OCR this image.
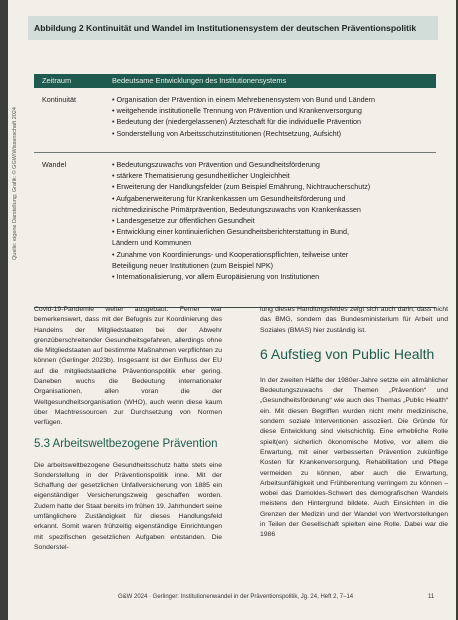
Abbildung 2 Kontinuität und Wandel im Institutionensystem der deutschen Präventionspolitik
Quelle: eigene Darstellung; Grafik: © GGW/Wissenschaft 2024
Zeitraum	Bedeutsame Entwicklungen des Institutionensystems
Kontinuität	• Organisation der Prävention in einem Mehrebenensystem von Bund und Ländern
• weitgehende institutionelle Trennung von Prävention und Krankenversorgung
• Bedeutung der (niedergelassenen) Ärzteschaft für die individuelle Prävention
• Sonderstellung von Arbeitsschutzinstitutionen (Rechtsetzung, Aufsicht)
Wandel	• Bedeutungszuwachs von Prävention und Gesundheitsförderung
• stärkere Thematisierung gesundheitlicher Ungleichheit
• Erweiterung der Handlungsfelder (zum Beispiel Ernährung, Nichtraucherschutz)
• Aufgabenerweiterung für Krankenkassen um Gesundheitsförderung und
nichtmedizinische Primärprävention, Bedeutungszuwachs von Krankenkassen
• Landesgesetze zur öffentlichen Gesundheit
• Entwicklung einer kontinuierlichen Gesundheitsberichterstattung in Bund,
Ländern und Kommunen
• Zunahme von Koordinierungs- und Kooperationspflichten, teilweise unter
Beteiligung neuer Institutionen (zum Beispiel NPK)
• Internationalisierung, vor allem Europäisierung von Institutionen

Covid-19-Pandemie weiter ausgebaut. Ferner war bemerkenswert, dass mit der Befugnis zur Koordinierung des Handelns der Mitgliedstaaten bei der Abwehr grenzüberschreitender Gesundheitsgefahren, allerdings ohne die Mitgliedstaaten auf bestimmte Maßnahmen verpflichten zu können (Gerlinger 2023b). Insgesamt ist der Einfluss der EU auf die mitgliedstaatliche Präventionspolitik eher gering. Daneben wuchs die Bedeutung internationaler Organisationen, allen voran die der Weltgesundheitsorganisation (WHO), auch wenn diese kaum über Machtressourcen zur Durchsetzung von Normen verfügen.

5.3 Arbeitsweltbezogene Prävention

Die arbeitsweltbezogene Gesundheitsschutz hatte stets eine Sonderstellung in der Präventionspolitik inne. Mit der Schaffung der gesetzlichen Unfallversicherung von 1885 ein eigenständiger Versicherungszweig geschaffen worden. Zudem hatte der Staat bereits im frühen 19. Jahrhundert seine umfänglichere Zuständigkeit für dieses Handlungsfeld erkannt. Somit waren frühzeitig eigenständige Einrichtungen mit spezifischen gesetzlichen Aufgaben entstanden. Die Sonderstel-

lung dieses Handlungsfeldes zeigt sich auch darin, dass nicht das BMG, sondern das Bundesministerium für Arbeit und Soziales (BMAS) hier zuständig ist.

6 Aufstieg von Public Health

In der zweiten Hälfte der 1980er-Jahre setzte ein allmählicher Bedeutungszuwachs der Themen „Prävention“ und „Gesundheitsförderung“ wie auch des Themas „Public Health“ ein. Mit diesen Begriffen wurden nicht mehr medizinische, sondern soziale Interventionen assoziiert. Die Gründe für diese Entwicklung sind vielschichtig. Eine erhebliche Rolle spielt(en) sicherlich ökonomische Motive, vor allem die Erwartung, mit einer verbesserten Prävention zukünftige Kosten für Krankenversorgung, Rehabilitation und Pflege vermeiden zu können, aber auch die Erwartung, Arbeitsunfähigkeit und Frühberentung verringern zu können – wobei das Damokles-Schwert des demografischen Wandels meistens den Hintergrund bildete. Auch Einsichten in die Grenzen der Medizin und der Wandel von Wertvorstellungen in Teilen der Gesellschaft spielten eine Rolle. Dabei war die 1986

G&W 2024 · Gerlinger: Institutionenwandel in der Präventionspolitik, Jg. 24, Heft 2, 7–14	11
